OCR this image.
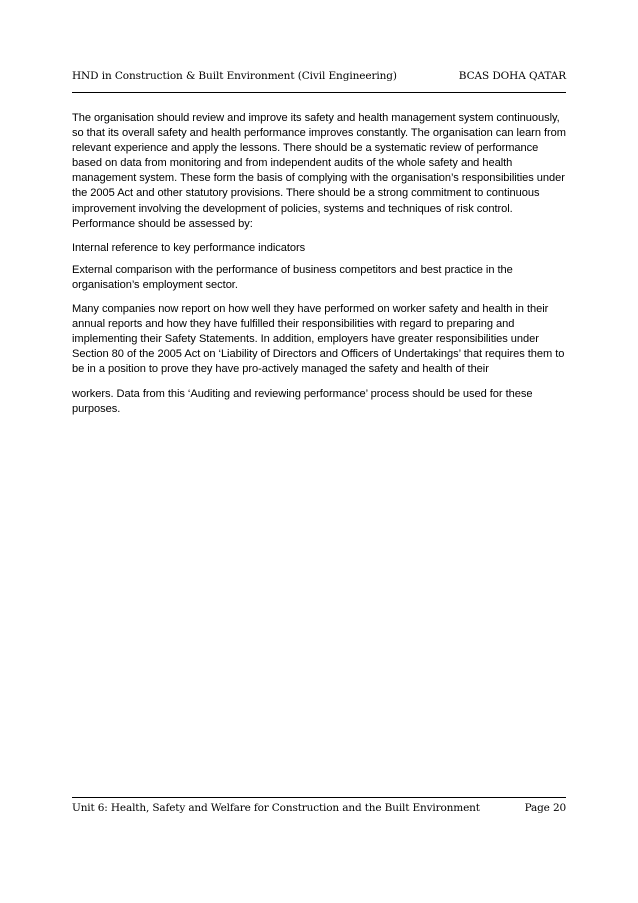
HND in Construction & Built Environment (Civil Engineering)	BCAS DOHA QATAR

The organisation should review and improve its safety and health management system continuously, so that its overall safety and health performance improves constantly. The organisation can learn from relevant experience and apply the lessons. There should be a systematic review of performance based on data from monitoring and from independent audits of the whole safety and health management system. These form the basis of complying with the organisation’s responsibilities under the 2005 Act and other statutory provisions. There should be a strong commitment to continuous improvement involving the development of policies, systems and techniques of risk control. Performance should be assessed by:

Internal reference to key performance indicators

External comparison with the performance of business competitors and best practice in the organisation’s employment sector.

Many companies now report on how well they have performed on worker safety and health in their annual reports and how they have fulfilled their responsibilities with regard to preparing and implementing their Safety Statements. In addition, employers have greater responsibilities under Section 80 of the 2005 Act on ‘Liability of Directors and Officers of Undertakings’ that requires them to be in a position to prove they have pro-actively managed the safety and health of their

workers. Data from this ‘Auditing and reviewing performance’ process should be used for these purposes.

Unit 6: Health, Safety and Welfare for Construction and the Built Environment	Page 20
